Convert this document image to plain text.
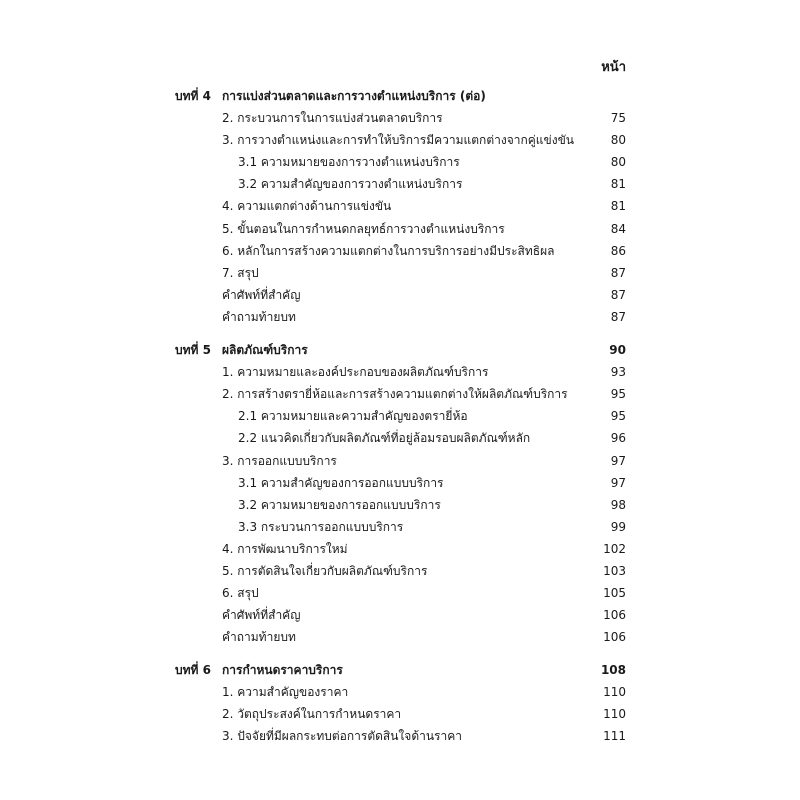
หน้า
บทที่ 4 การแบ่งส่วนตลาดและการวางตำแหน่งบริการ (ต่อ)
2. กระบวนการในการแบ่งส่วนตลาดบริการ	75
3. การวางตำแหน่งและการทำให้บริการมีความแตกต่างจากคู่แข่งขัน	80
3.1 ความหมายของการวางตำแหน่งบริการ	80
3.2 ความสำคัญของการวางตำแหน่งบริการ	81
4. ความแตกต่างด้านการแข่งขัน	81
5. ขั้นตอนในการกำหนดกลยุทธ์การวางตำแหน่งบริการ	84
6. หลักในการสร้างความแตกต่างในการบริการอย่างมีประสิทธิผล	86
7. สรุป	87
คำศัพท์ที่สำคัญ	87
คำถามท้ายบท	87
บทที่ 5 ผลิตภัณฑ์บริการ	90
1. ความหมายและองค์ประกอบของผลิตภัณฑ์บริการ	93
2. การสร้างตรายี่ห้อและการสร้างความแตกต่างให้ผลิตภัณฑ์บริการ	95
2.1 ความหมายและความสำคัญของตรายี่ห้อ	95
2.2 แนวคิดเกี่ยวกับผลิตภัณฑ์ที่อยู่ล้อมรอบผลิตภัณฑ์หลัก	96
3. การออกแบบบริการ	97
3.1 ความสำคัญของการออกแบบบริการ	97
3.2 ความหมายของการออกแบบบริการ	98
3.3 กระบวนการออกแบบบริการ	99
4. การพัฒนาบริการใหม่	102
5. การตัดสินใจเกี่ยวกับผลิตภัณฑ์บริการ	103
6. สรุป	105
คำศัพท์ที่สำคัญ	106
คำถามท้ายบท	106
บทที่ 6 การกำหนดราคาบริการ	108
1. ความสำคัญของราคา	110
2. วัตถุประสงค์ในการกำหนดราคา	110
3. ปัจจัยที่มีผลกระทบต่อการตัดสินใจด้านราคา	111
